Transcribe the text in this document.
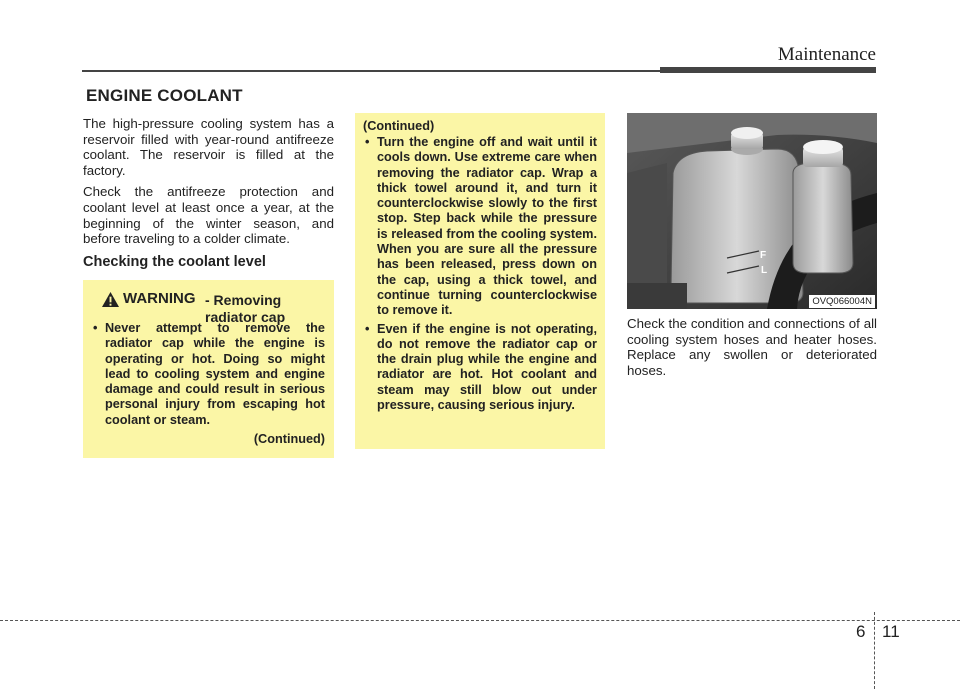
Maintenance
ENGINE COOLANT

The high-pressure cooling system has a reservoir filled with year-round antifreeze coolant. The reservoir is filled at the factory.

Check the antifreeze protection and coolant level at least once a year, at the beginning of the winter season, and before traveling to a colder climate.

Checking the coolant level
WARNING - Removing radiator cap
• Never attempt to remove the radiator cap while the engine is operating or hot. Doing so might lead to cooling system and engine damage and could result in serious personal injury from escaping hot coolant or steam.
(Continued)
(Continued)
• Turn the engine off and wait until it cools down. Use extreme care when removing the radiator cap. Wrap a thick towel around it, and turn it counterclockwise slowly to the first stop. Step back while the pressure is released from the cooling system. When you are sure all the pressure has been released, press down on the cap, using a thick towel, and continue turning counterclockwise to remove it.
• Even if the engine is not operating, do not remove the radiator cap or the drain plug while the engine and radiator are hot. Hot coolant and steam may still blow out under pressure, causing serious injury.
F
L
OVQ066004N

Check the condition and connections of all cooling system hoses and heater hoses. Replace any swollen or deteriorated hoses.

6 11
